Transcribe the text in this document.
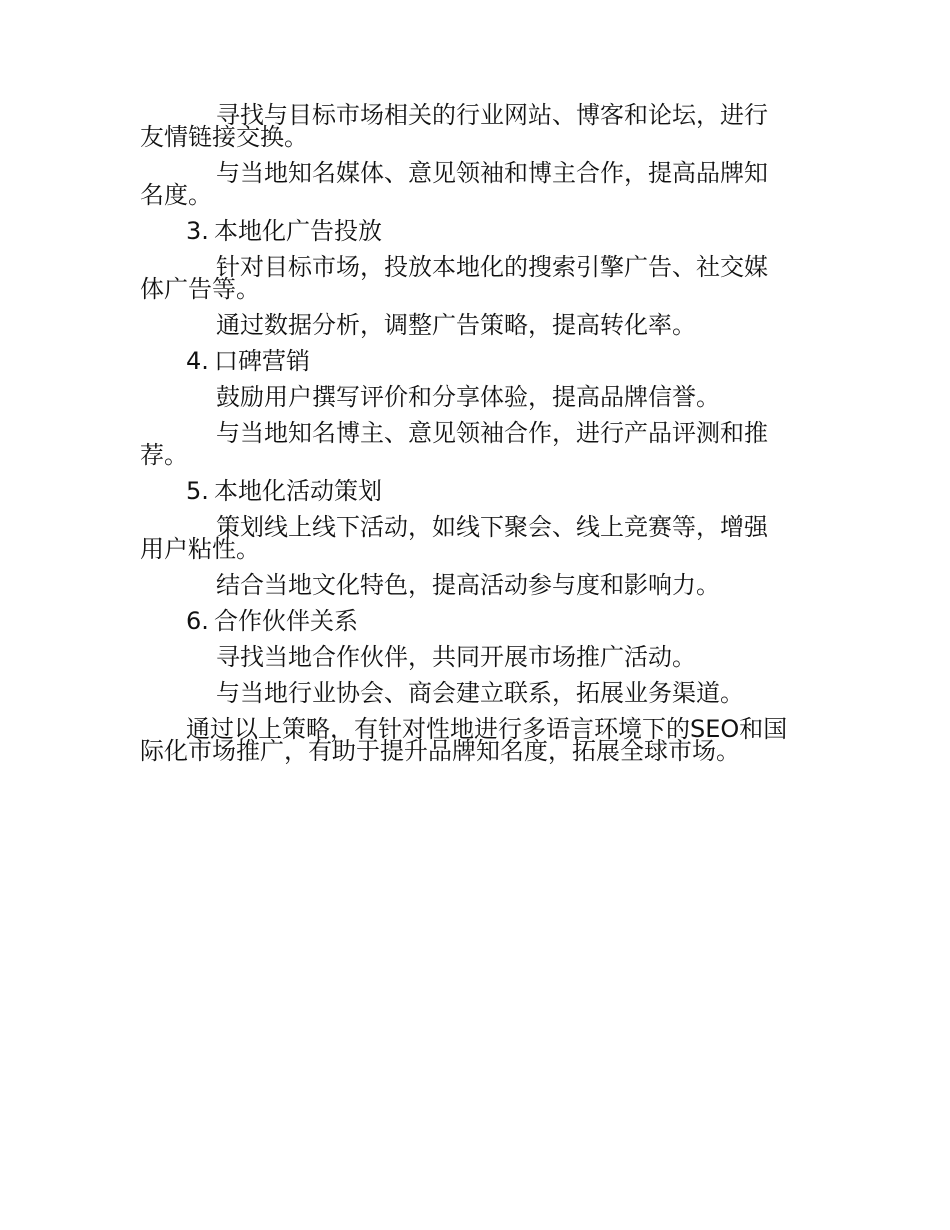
寻找与目标市场相关的行业网站、博客和论坛，进行友情链接交换。

与当地知名媒体、意见领袖和博主合作，提高品牌知名度。

3. 本地化广告投放

针对目标市场，投放本地化的搜索引擎广告、社交媒体广告等。

通过数据分析，调整广告策略，提高转化率。

4. 口碑营销

鼓励用户撰写评价和分享体验，提高品牌信誉。

与当地知名博主、意见领袖合作，进行产品评测和推荐。

5. 本地化活动策划

策划线上线下活动，如线下聚会、线上竞赛等，增强用户粘性。

结合当地文化特色，提高活动参与度和影响力。

6. 合作伙伴关系

寻找当地合作伙伴，共同开展市场推广活动。

与当地行业协会、商会建立联系，拓展业务渠道。

通过以上策略，有针对性地进行多语言环境下的SEO和国际化市场推广，有助于提升品牌知名度，拓展全球市场。
